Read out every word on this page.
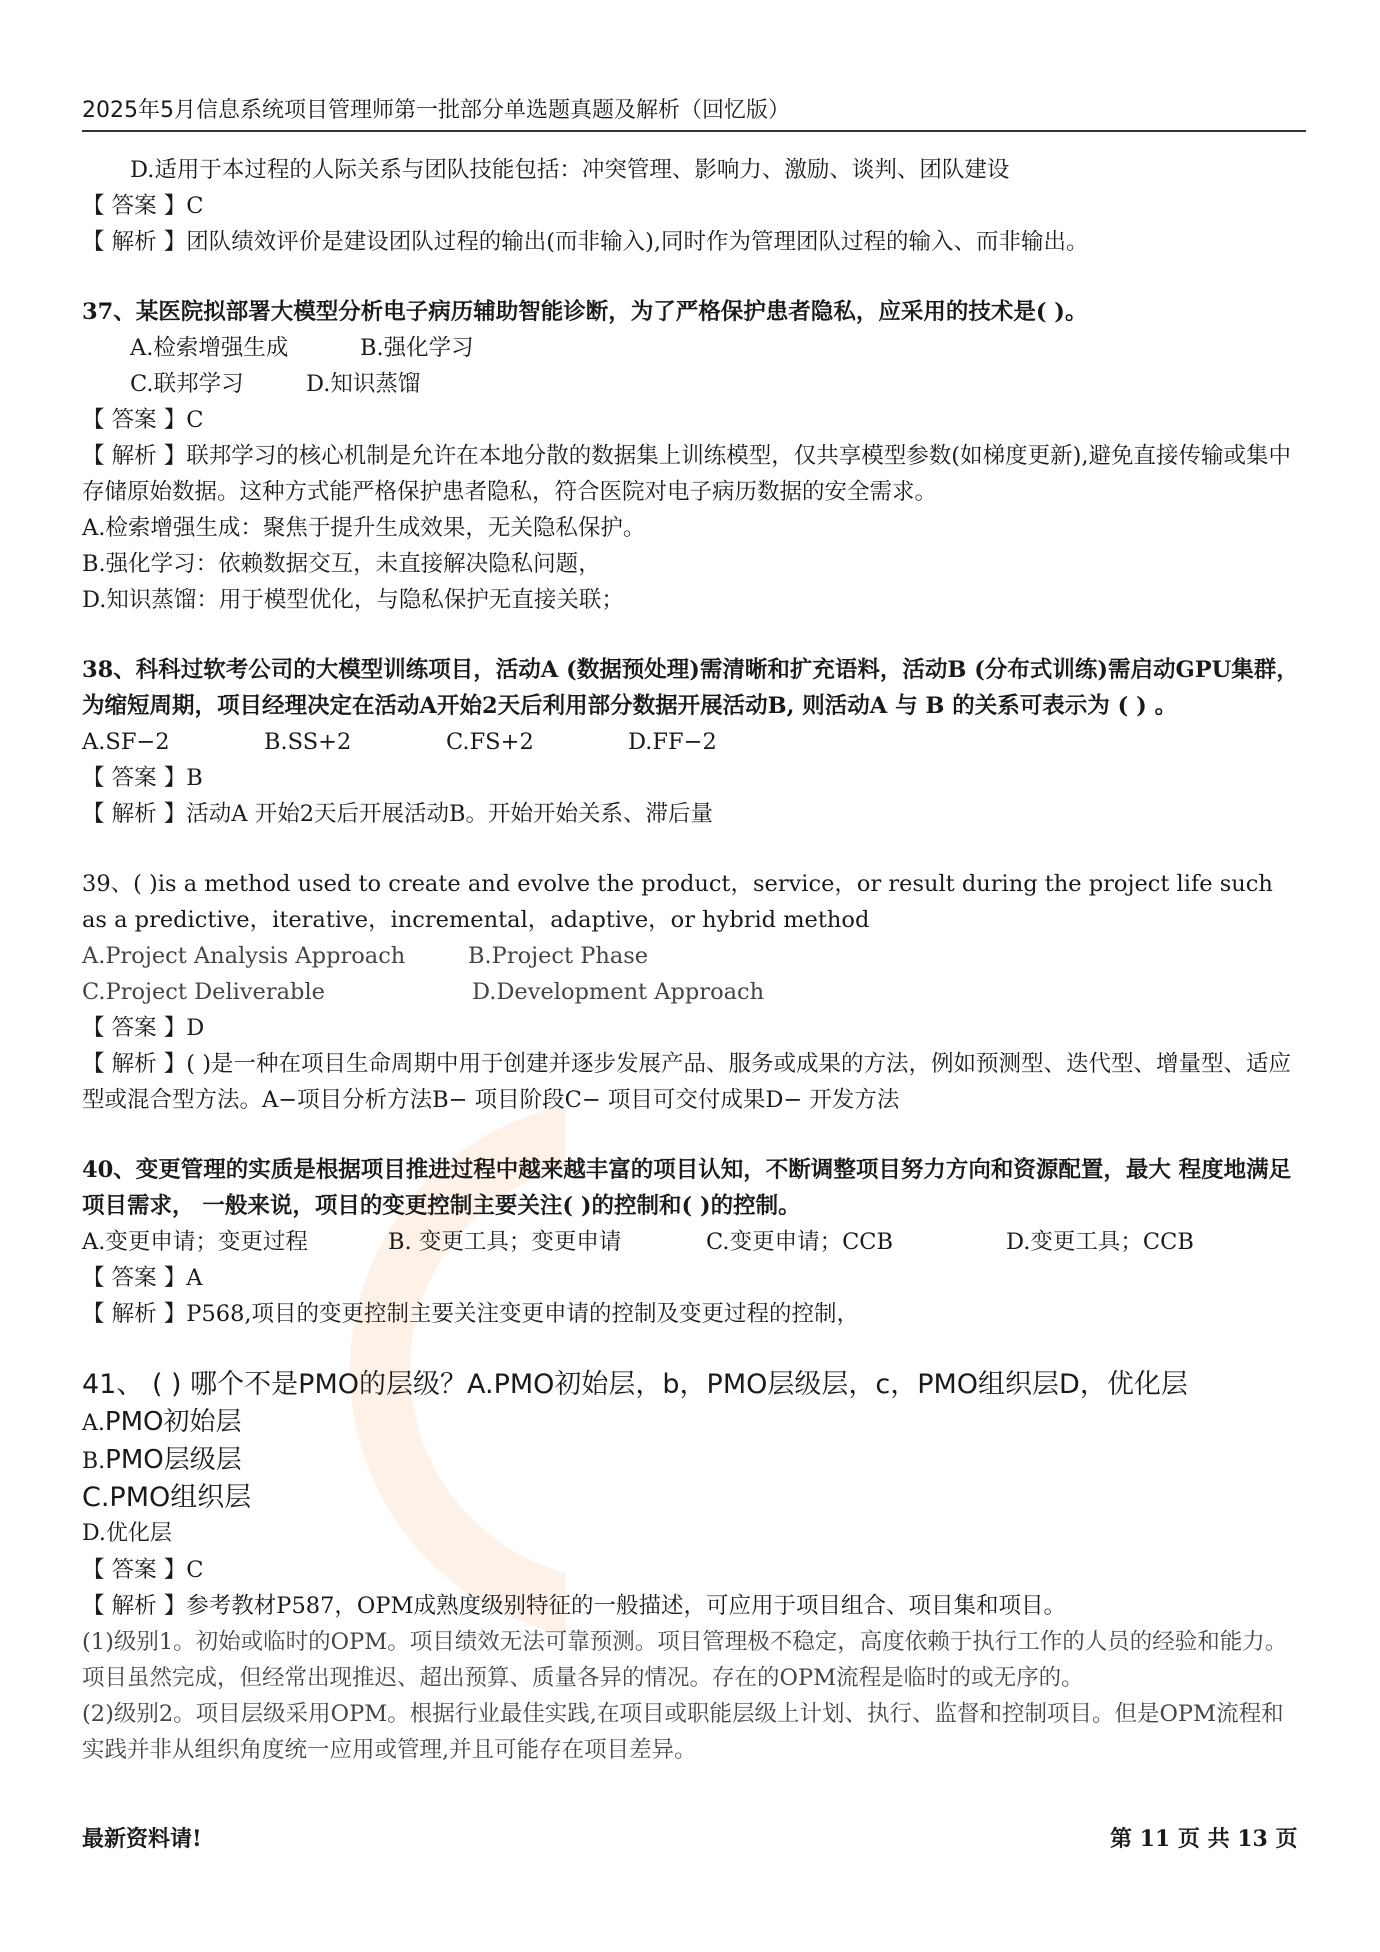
2025年5月信息系统项目管理师第一批部分单选题真题及解析（回忆版）
D.适用于本过程的人际关系与团队技能包括：冲突管理、影响力、激励、谈判、团队建设
【 答案 】C
【 解析 】团队绩效评价是建设团队过程的输出(而非输入),同时作为管理团队过程的输入、而非输出。
37、某医院拟部署大模型分析电子病历辅助智能诊断，为了严格保护患者隐私，应采用的技术是( )。
A.检索增强生成	B.强化学习
C.联邦学习	D.知识蒸馏
【 答案 】C
【 解析 】联邦学习的核心机制是允许在本地分散的数据集上训练模型，仅共享模型参数(如梯度更新),避免直接传输或集中存储原始数据。这种方式能严格保护患者隐私，符合医院对电子病历数据的安全需求。
A.检索增强生成：聚焦于提升生成效果，无关隐私保护。
B.强化学习：依赖数据交互，未直接解决隐私问题，
D.知识蒸馏：用于模型优化，与隐私保护无直接关联；
38、科科过软考公司的大模型训练项目，活动A (数据预处理)需清晰和扩充语料，活动B (分布式训练)需启动GPU集群，为缩短周期，项目经理决定在活动A开始2天后利用部分数据开展活动B, 则活动A 与 B 的关系可表示为 ( ) 。
A.SF−2	B.SS+2	C.FS+2	D.FF−2
【 答案 】B
【 解析 】活动A 开始2天后开展活动B。开始开始关系、滞后量
39、( )is a method used to create and evolve the product，service，or result during the project life such as a predictive，iterative，incremental，adaptive，or hybrid method
A.Project Analysis Approach	B.Project Phase
C.Project Deliverable	D.Development Approach
【 答案 】D
【 解析 】( )是一种在项目生命周期中用于创建并逐步发展产品、服务或成果的方法，例如预测型、迭代型、增量型、适应型或混合型方法。A−项目分析方法B− 项目阶段C− 项目可交付成果D− 开发方法
40、变更管理的实质是根据项目推进过程中越来越丰富的项目认知，不断调整项目努力方向和资源配置，最大 程度地满足项目需求， 一般来说，项目的变更控制主要关注( )的控制和( )的控制。
A.变更申请；变更过程	B. 变更工具；变更申请	C.变更申请；CCB	D.变更工具；CCB
【 答案 】A
【 解析 】P568,项目的变更控制主要关注变更申请的控制及变更过程的控制，
41、 ( ) 哪个不是PMO的层级？A.PMO初始层，b，PMO层级层，c，PMO组织层D，优化层
A.PMO初始层
B.PMO层级层
C.PMO组织层
D.优化层
【 答案 】C
【 解析 】参考教材P587，OPM成熟度级别特征的一般描述，可应用于项目组合、项目集和项目。
(1)级别1。初始或临时的OPM。项目绩效无法可靠预测。项目管理极不稳定，高度依赖于执行工作的人员的经验和能力。项目虽然完成，但经常出现推迟、超出预算、质量各异的情况。存在的OPM流程是临时的或无序的。
(2)级别2。项目层级采用OPM。根据行业最佳实践,在项目或职能层级上计划、执行、监督和控制项目。但是OPM流程和实践并非从组织角度统一应用或管理,并且可能存在项目差异。
最新资料请!	第 11 页 共 13 页
